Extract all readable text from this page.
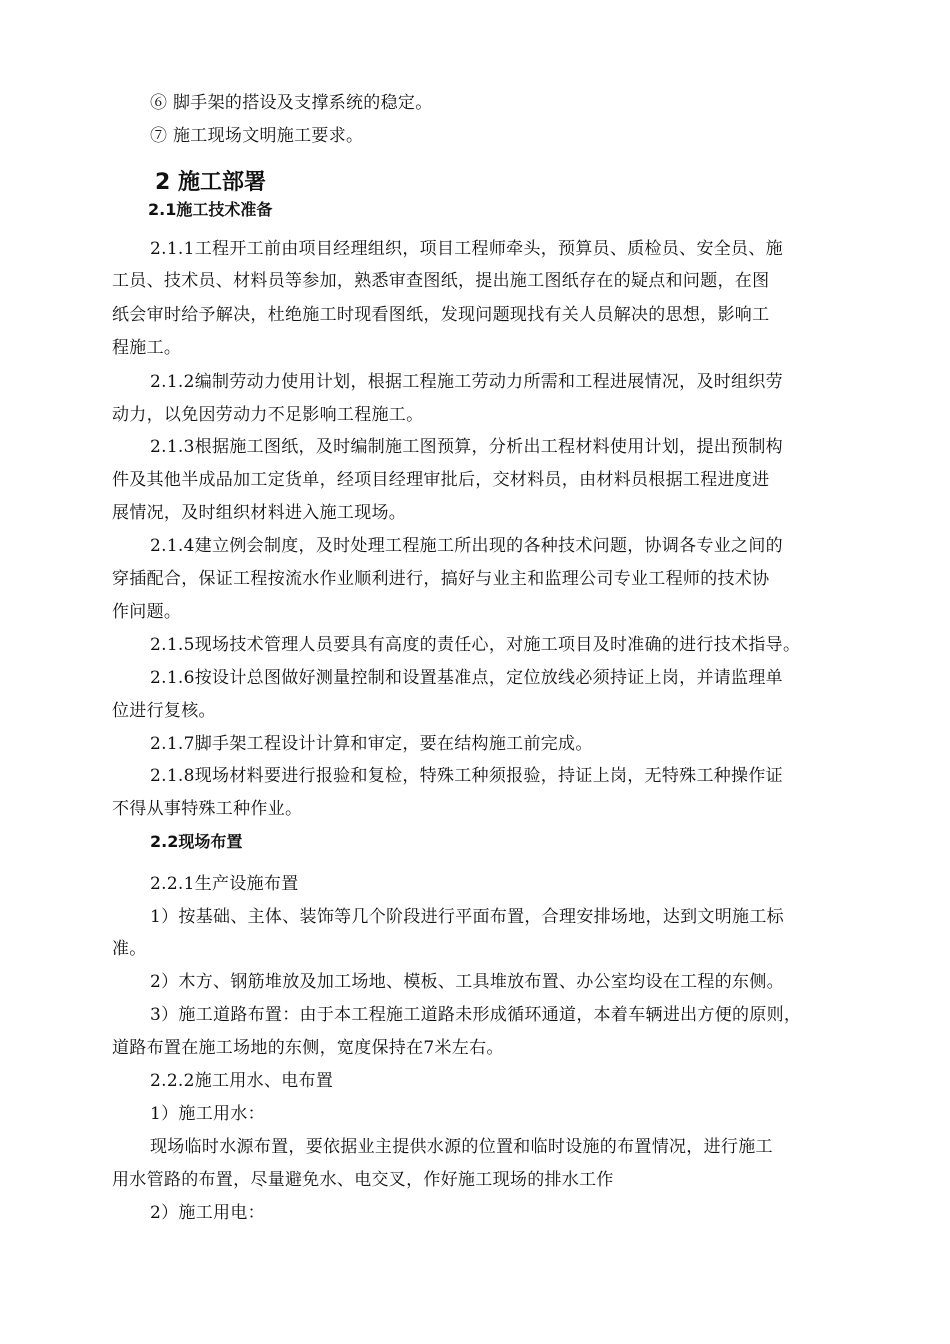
⑥ 脚手架的搭设及支撑系统的稳定。

⑦ 施工现场文明施工要求。

2 施工部署
2.1施工技术准备

2.1.1工程开工前由项目经理组织，项目工程师牵头，预算员、质检员、安全员、施

工员、技术员、材料员等参加，熟悉审查图纸，提出施工图纸存在的疑点和问题，在图

纸会审时给予解决，杜绝施工时现看图纸，发现问题现找有关人员解决的思想，影响工

程施工。

2.1.2编制劳动力使用计划，根据工程施工劳动力所需和工程进展情况，及时组织劳

动力，以免因劳动力不足影响工程施工。

2.1.3根据施工图纸，及时编制施工图预算，分析出工程材料使用计划，提出预制构

件及其他半成品加工定货单，经项目经理审批后，交材料员，由材料员根据工程进度进

展情况，及时组织材料进入施工现场。

2.1.4建立例会制度，及时处理工程施工所出现的各种技术问题，协调各专业之间的

穿插配合，保证工程按流水作业顺利进行，搞好与业主和监理公司专业工程师的技术协

作问题。

2.1.5现场技术管理人员要具有高度的责任心，对施工项目及时准确的进行技术指导。

2.1.6按设计总图做好测量控制和设置基准点，定位放线必须持证上岗，并请监理单

位进行复核。

2.1.7脚手架工程设计计算和审定，要在结构施工前完成。

2.1.8现场材料要进行报验和复检，特殊工种须报验，持证上岗，无特殊工种操作证

不得从事特殊工种作业。

2.2现场布置

2.2.1生产设施布置

1）按基础、主体、装饰等几个阶段进行平面布置，合理安排场地，达到文明施工标

准。

2）木方、钢筋堆放及加工场地、模板、工具堆放布置、办公室均设在工程的东侧。

3）施工道路布置：由于本工程施工道路未形成循环通道，本着车辆进出方便的原则，

道路布置在施工场地的东侧，宽度保持在7米左右。

2.2.2施工用水、电布置

1）施工用水：

现场临时水源布置，要依据业主提供水源的位置和临时设施的布置情况，进行施工

用水管路的布置，尽量避免水、电交叉，作好施工现场的排水工作

2）施工用电：
